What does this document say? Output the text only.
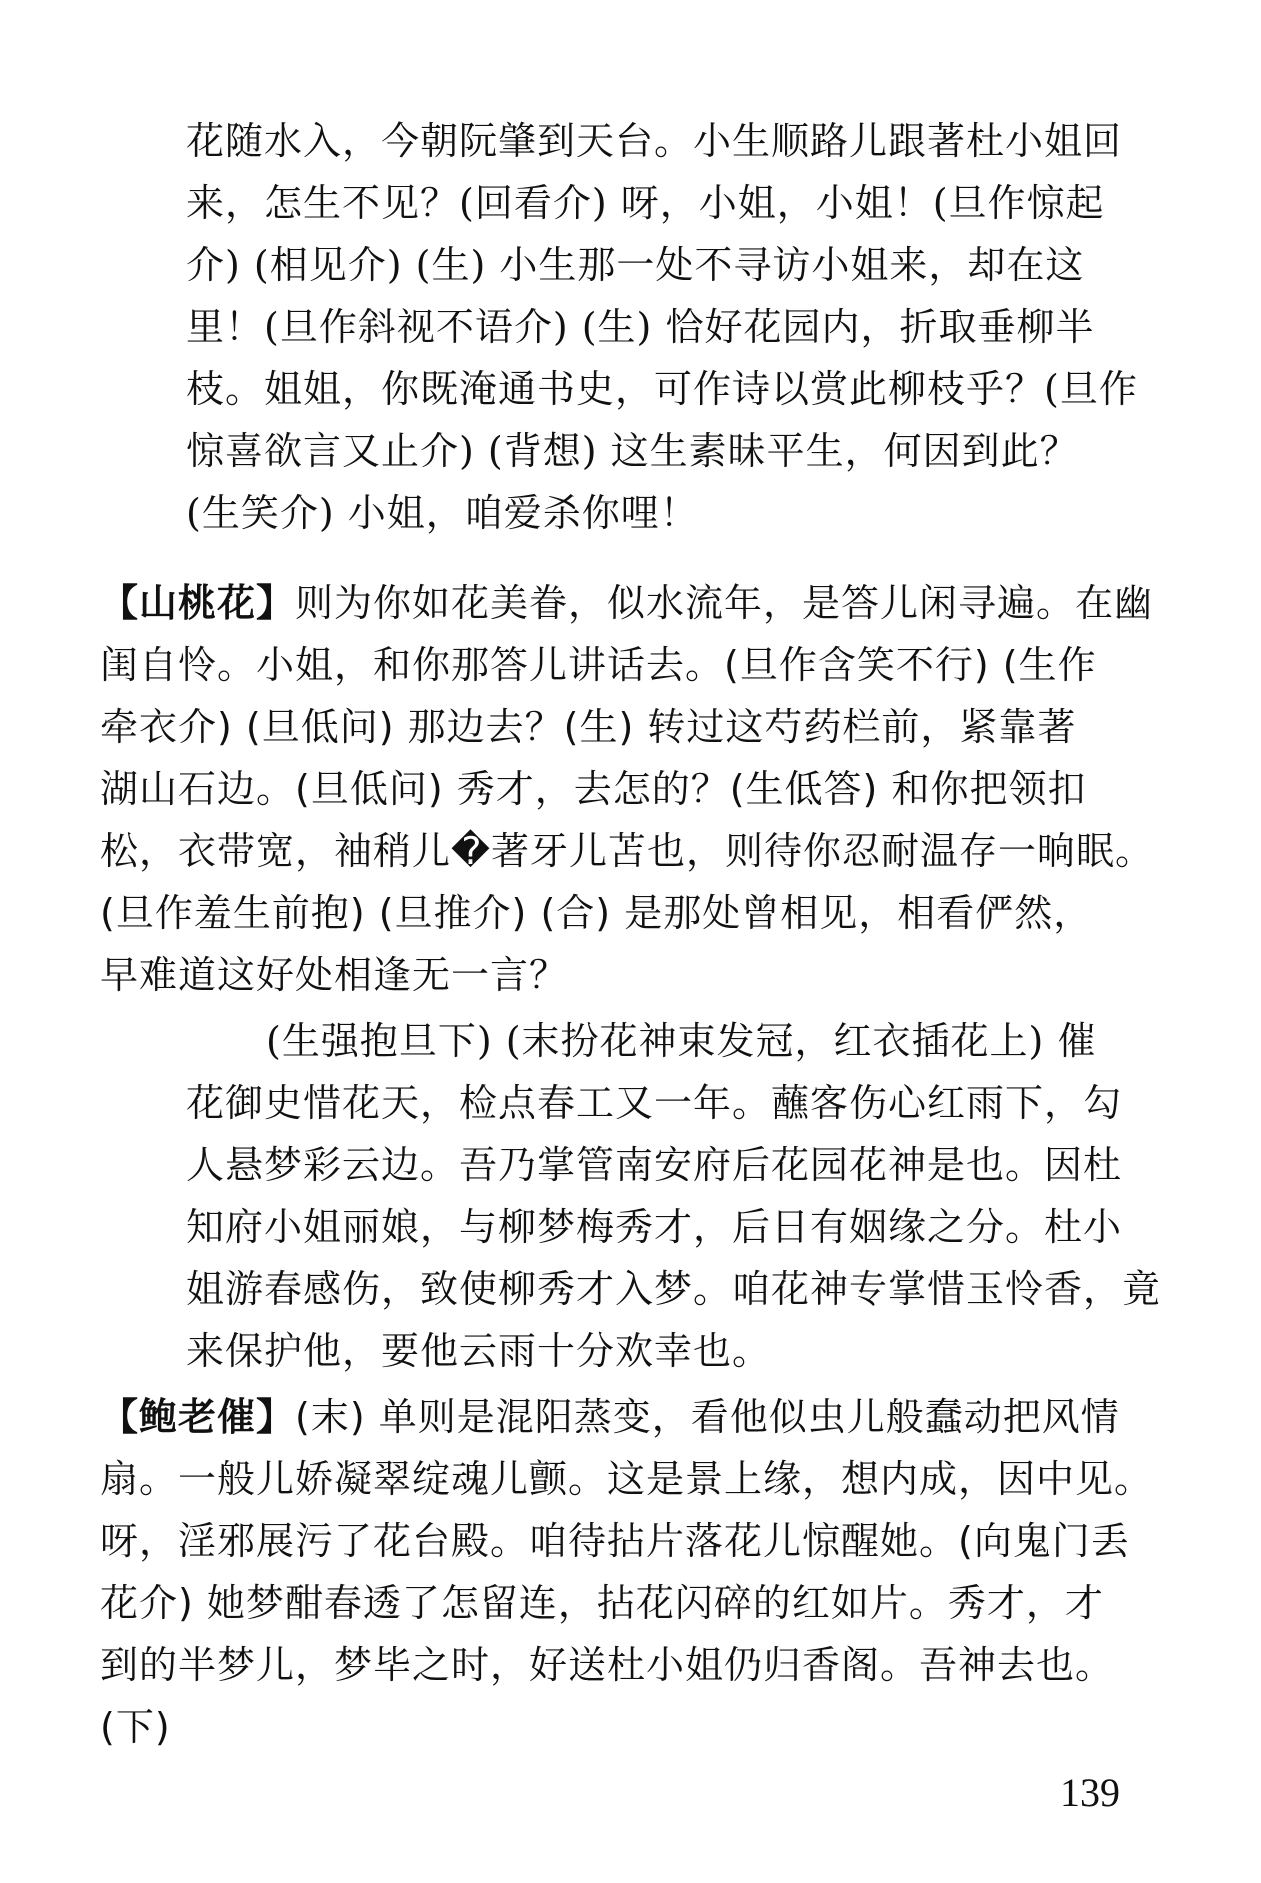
花随水入，今朝阮肇到天台。小生顺路儿跟著杜小姐回
来，怎生不见？(回看介) 呀，小姐，小姐！(旦作惊起
介) (相见介) (生) 小生那一处不寻访小姐来，却在这
里！(旦作斜视不语介) (生) 恰好花园内，折取垂柳半
枝。姐姐，你既淹通书史，可作诗以赏此柳枝乎？(旦作
惊喜欲言又止介) (背想) 这生素昧平生，何因到此？
(生笑介) 小姐，咱爱杀你哩！
【山桃花】则为你如花美眷，似水流年，是答儿闲寻遍。在幽
闺自怜。小姐，和你那答儿讲话去。(旦作含笑不行) (生作
牵衣介) (旦低问) 那边去？(生) 转过这芍药栏前，紧靠著
湖山石边。(旦低问) 秀才，去怎的？(生低答) 和你把领扣
松，衣带宽，袖稍儿�著牙儿苫也，则待你忍耐温存一晌眠。
(旦作羞生前抱) (旦推介) (合) 是那处曾相见，相看俨然，
早难道这好处相逢无一言？
(生强抱旦下) (末扮花神束发冠，红衣插花上) 催
花御史惜花天，检点春工又一年。蘸客伤心红雨下，勾
人悬梦彩云边。吾乃掌管南安府后花园花神是也。因杜
知府小姐丽娘，与柳梦梅秀才，后日有姻缘之分。杜小
姐游春感伤，致使柳秀才入梦。咱花神专掌惜玉怜香，竟
来保护他，要他云雨十分欢幸也。
【鲍老催】(末) 单则是混阳蒸变，看他似虫儿般蠢动把风情
扇。一般儿娇凝翠绽魂儿颤。这是景上缘，想内成，因中见。
呀，淫邪展污了花台殿。咱待拈片落花儿惊醒她。(向鬼门丢
花介) 她梦酣春透了怎留连，拈花闪碎的红如片。秀才，才
到的半梦儿，梦毕之时，好送杜小姐仍归香阁。吾神去也。
(下)
139
